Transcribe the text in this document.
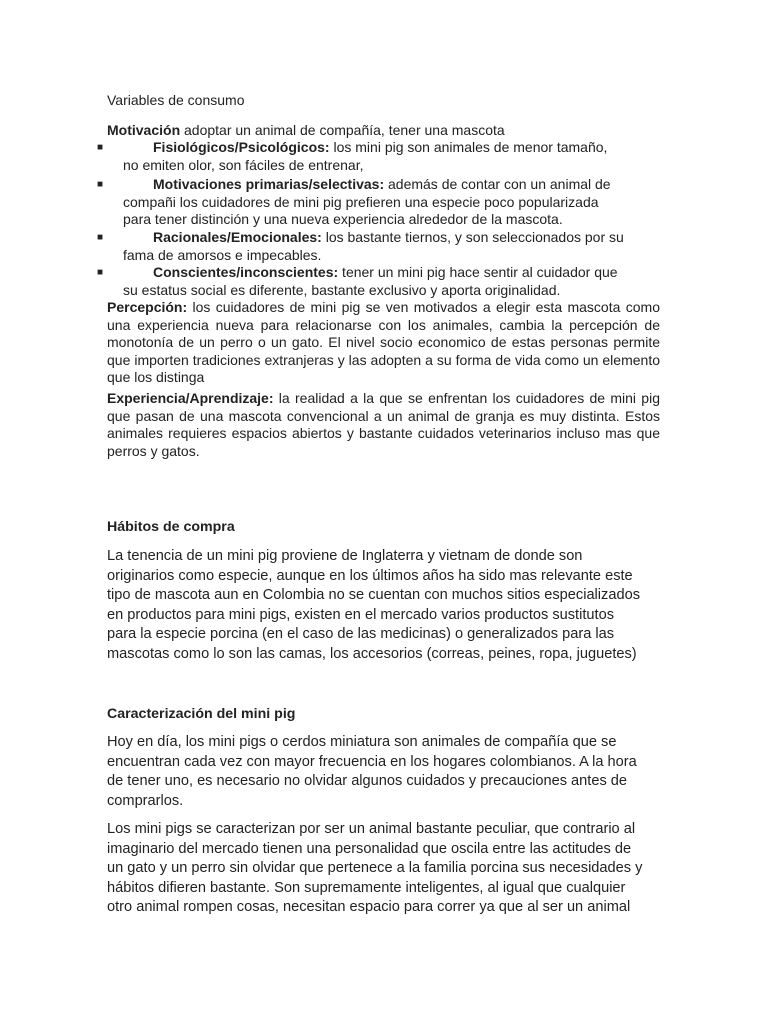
Variables de consumo
Motivación adoptar un animal de compañía, tener una mascota
■	Fisiológicos/Psicológicos: los mini pig son animales de menor tamaño,
no emiten olor, son fáciles de entrenar,
■	Motivaciones primarias/selectivas: además de contar con un animal de
compañi los cuidadores de mini pig prefieren una especie poco popularizada
para tener distinción y una nueva experiencia alrededor de la mascota.
■	Racionales/Emocionales: los bastante tiernos, y son seleccionados por su
fama de amorsos e impecables.
■	Conscientes/inconscientes: tener un mini pig hace sentir al cuidador que
su estatus social es diferente, bastante exclusivo y aporta originalidad.
Percepción: los cuidadores de mini pig se ven motivados a elegir esta mascota como una experiencia nueva para relacionarse con los animales, cambia la percepción de monotonía de un perro o un gato. El nivel socio economico de estas personas permite que importen tradiciones extranjeras y las adopten a su forma de vida como un elemento que los distinga
Experiencia/Aprendizaje: la realidad a la que se enfrentan los cuidadores de mini pig que pasan de una mascota convencional a un animal de granja es muy distinta. Estos animales requieres espacios abiertos y bastante cuidados veterinarios incluso mas que perros y gatos.
Hábitos de compra
La tenencia de un mini pig proviene de Inglaterra y vietnam de donde son
originarios como especie, aunque en los últimos años ha sido mas relevante este
tipo de mascota aun en Colombia no se cuentan con muchos sitios especializados
en productos para mini pigs, existen en el mercado varios productos sustitutos
para la especie porcina (en el caso de las medicinas) o generalizados para las
mascotas como lo son las camas, los accesorios (correas, peines, ropa, juguetes)
Caracterización del mini pig
Hoy en día, los mini pigs o cerdos miniatura son animales de compañía que se
encuentran cada vez con mayor frecuencia en los hogares colombianos. A la hora
de tener uno, es necesario no olvidar algunos cuidados y precauciones antes de
comprarlos.
Los mini pigs se caracterizan por ser un animal bastante peculiar, que contrario al
imaginario del mercado tienen una personalidad que oscila entre las actitudes de
un gato y un perro sin olvidar que pertenece a la familia porcina sus necesidades y
hábitos difieren bastante. Son supremamente inteligentes, al igual que cualquier
otro animal rompen cosas, necesitan espacio para correr ya que al ser un animal
